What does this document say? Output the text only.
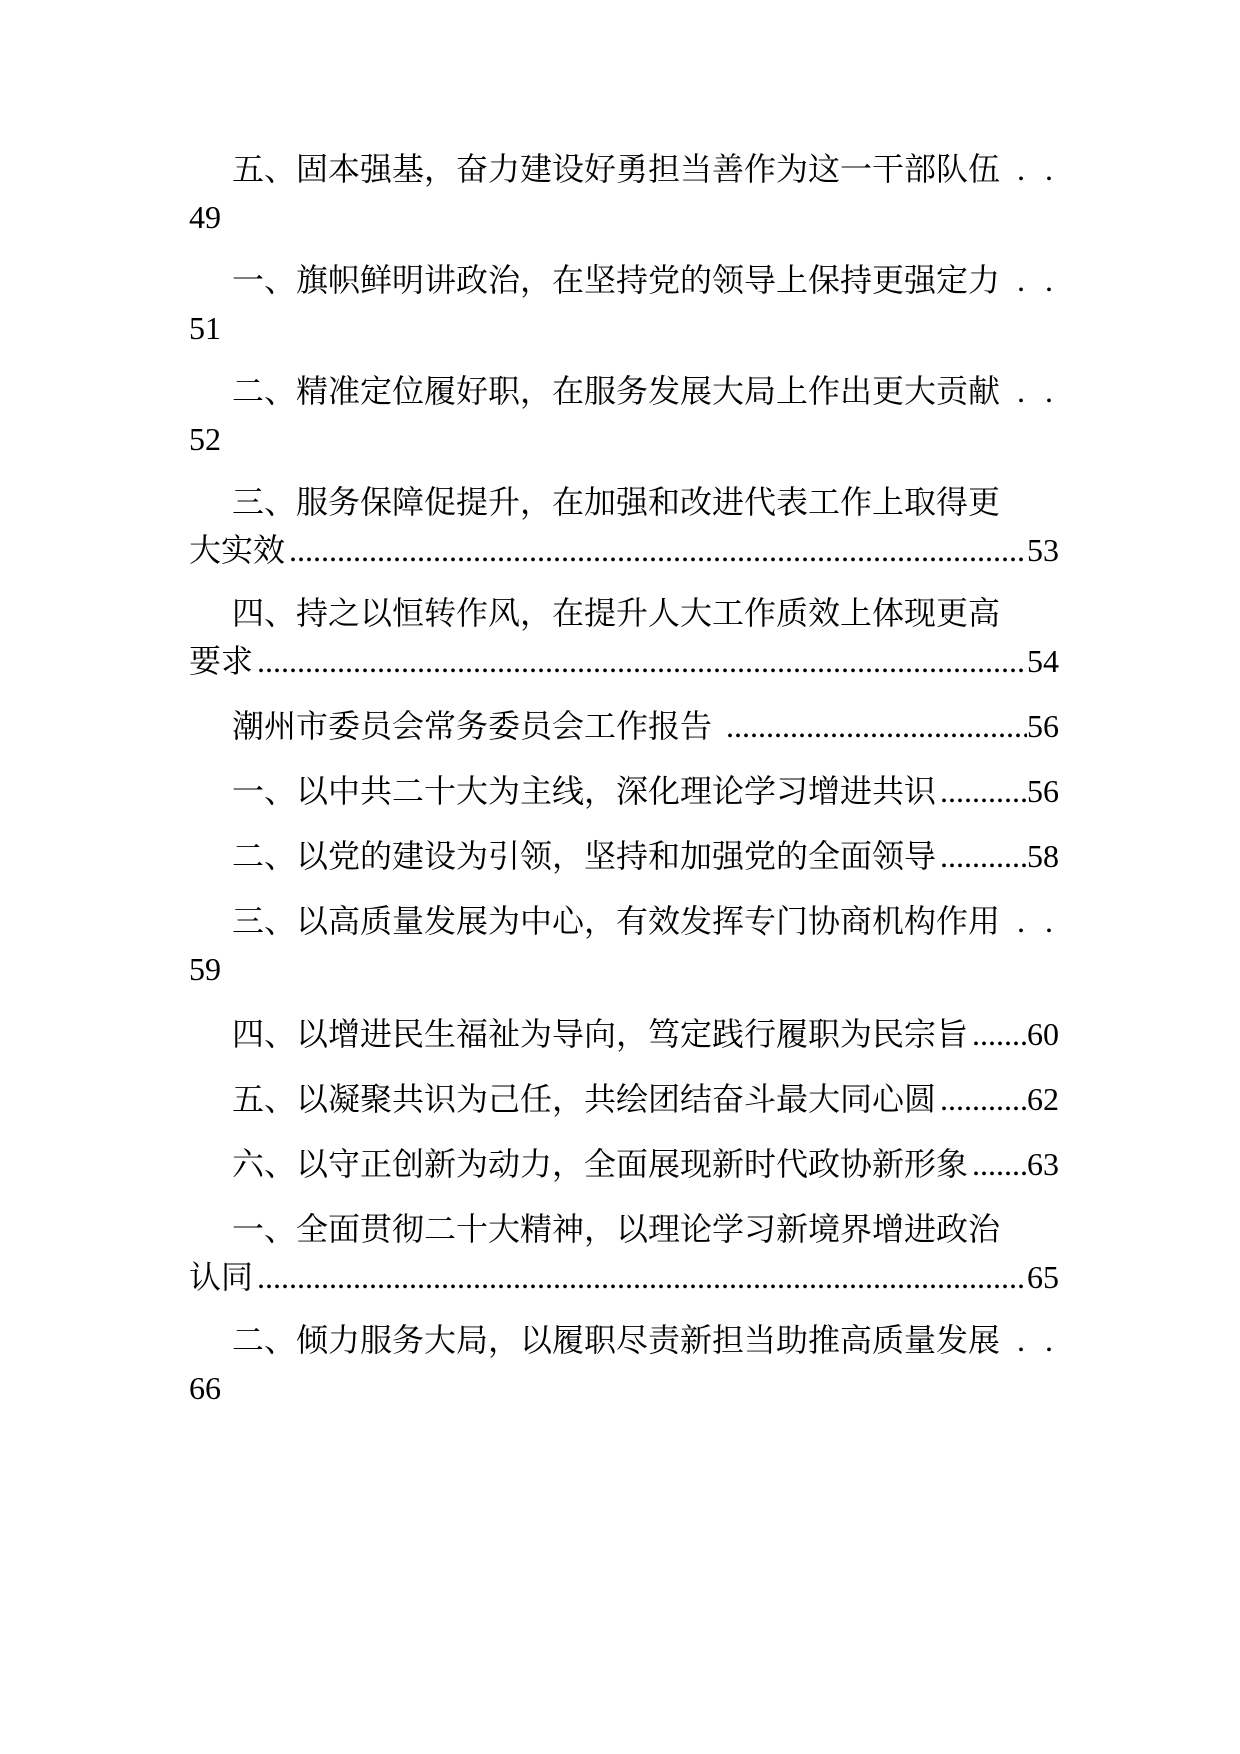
五、固本强基，奋力建设好勇担当善作为这一干部队伍 . .
49
一、旗帜鲜明讲政治，在坚持党的领导上保持更强定力 . .
51
二、精准定位履好职，在服务发展大局上作出更大贡献 . .
52
三、服务保障促提升，在加强和改进代表工作上取得更
大实效 . . .	53
四、持之以恒转作风，在提升人大工作质效上体现更高
要求 . . .	54
潮州市委员会常务委员会工作报告 . . .	56
一、以中共二十大为主线，深化理论学习增进共识 . . .	56
二、以党的建设为引领，坚持和加强党的全面领导 . . .	58
三、以高质量发展为中心，有效发挥专门协商机构作用 . .
59
四、以增进民生福祉为导向，笃定践行履职为民宗旨 . . . 60
五、以凝聚共识为己任，共绘团结奋斗最大同心圆 . . .	62
六、以守正创新为动力，全面展现新时代政协新形象 . . . 63
一、全面贯彻二十大精神，以理论学习新境界增进政治
认同 . . .	65
二、倾力服务大局，以履职尽责新担当助推高质量发展 . .
66
